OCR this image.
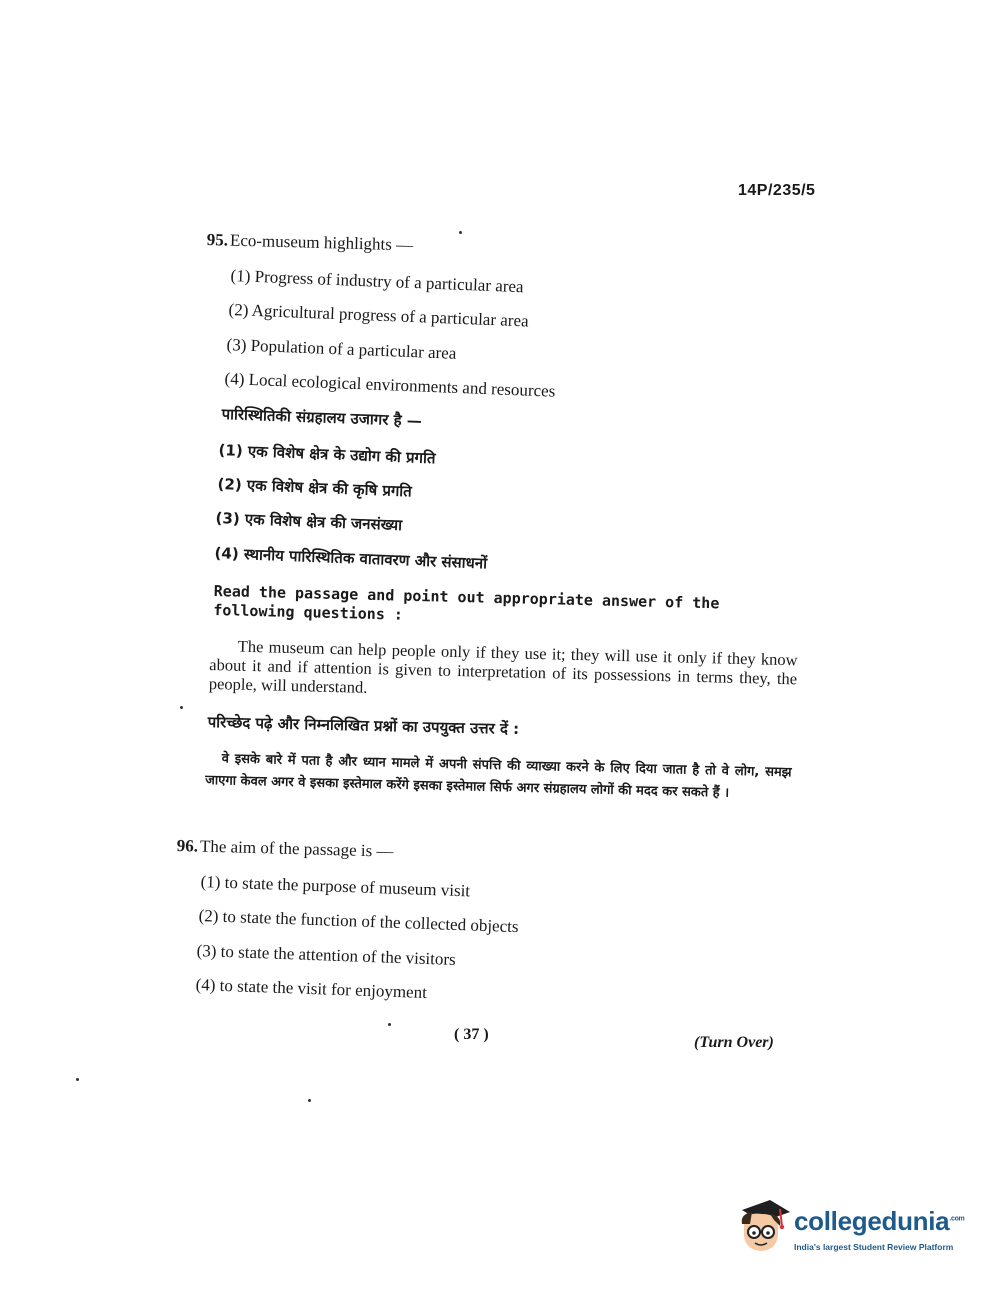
14P/235/5
95.Eco-museum highlights —
(1) Progress of industry of a particular area
(2) Agricultural progress of a particular area
(3) Population of a particular area
(4) Local ecological environments and resources
पारिस्थितिकी संग्रहालय उजागर है —
(1) एक विशेष क्षेत्र के उद्योग की प्रगति
(2) एक विशेष क्षेत्र की कृषि प्रगति
(3) एक विशेष क्षेत्र की जनसंख्या
(4) स्थानीय पारिस्थितिक वातावरण और संसाधनों
Read the passage and point out appropriate answer of the following questions :
The museum can help people only if they use it; they will use it only if they know about it and if attention is given to interpretation of its possessions in terms they, the people, will understand.
परिच्छेद पढ़े और निम्नलिखित प्रश्नों का उपयुक्त उत्तर दें :
वे इसके बारे में पता है और ध्यान मामले में अपनी संपत्ति की व्याख्या करने के लिए दिया जाता है तो वे लोग, समझ जाएगा केवल अगर वे इसका इस्तेमाल करेंगे इसका इस्तेमाल सिर्फ अगर संग्रहालय लोगों की मदद कर सकते हैं ।
96.The aim of the passage is —
(1) to state the purpose of museum visit
(2) to state the function of the collected objects
(3) to state the attention of the visitors
(4) to state the visit for enjoyment
( 37 )	(Turn Over)
collegedunia$^{.com}$
India's largest Student Review Platform
